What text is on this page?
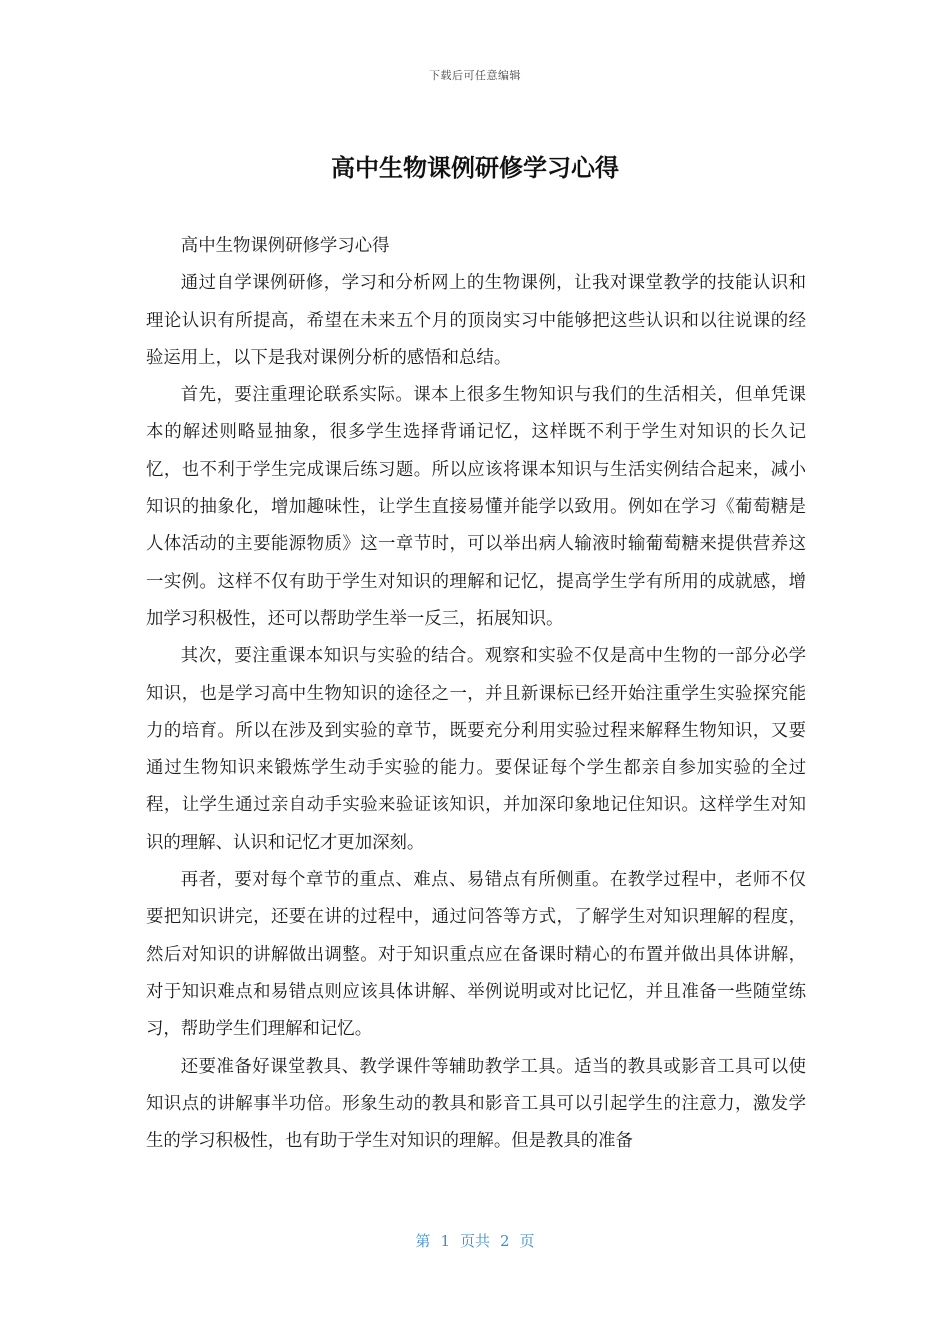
下载后可任意编辑
高中生物课例研修学习心得

高中生物课例研修学习心得

通过自学课例研修，学习和分析网上的生物课例，让我对课堂教学的技能认识和理论认识有所提高，希望在未来五个月的顶岗实习中能够把这些认识和以往说课的经验运用上，以下是我对课例分析的感悟和总结。

首先，要注重理论联系实际。课本上很多生物知识与我们的生活相关，但单凭课本的解述则略显抽象，很多学生选择背诵记忆，这样既不利于学生对知识的长久记忆，也不利于学生完成课后练习题。所以应该将课本知识与生活实例结合起来，减小知识的抽象化，增加趣味性，让学生直接易懂并能学以致用。例如在学习《葡萄糖是人体活动的主要能源物质》这一章节时，可以举出病人输液时输葡萄糖来提供营养这一实例。这样不仅有助于学生对知识的理解和记忆，提高学生学有所用的成就感，增加学习积极性，还可以帮助学生举一反三，拓展知识。

其次，要注重课本知识与实验的结合。观察和实验不仅是高中生物的一部分必学知识，也是学习高中生物知识的途径之一，并且新课标已经开始注重学生实验探究能力的培育。所以在涉及到实验的章节，既要充分利用实验过程来解释生物知识，又要通过生物知识来锻炼学生动手实验的能力。要保证每个学生都亲自参加实验的全过程，让学生通过亲自动手实验来验证该知识，并加深印象地记住知识。这样学生对知识的理解、认识和记忆才更加深刻。

再者，要对每个章节的重点、难点、易错点有所侧重。在教学过程中，老师不仅要把知识讲完，还要在讲的过程中，通过问答等方式，了解学生对知识理解的程度，然后对知识的讲解做出调整。对于知识重点应在备课时精心的布置并做出具体讲解，对于知识难点和易错点则应该具体讲解、举例说明或对比记忆，并且准备一些随堂练习，帮助学生们理解和记忆。

还要准备好课堂教具、教学课件等辅助教学工具。适当的教具或影音工具可以使知识点的讲解事半功倍。形象生动的教具和影音工具可以引起学生的注意力，激发学生的学习积极性，也有助于学生对知识的理解。但是教具的准备

第 1 页共 2 页
